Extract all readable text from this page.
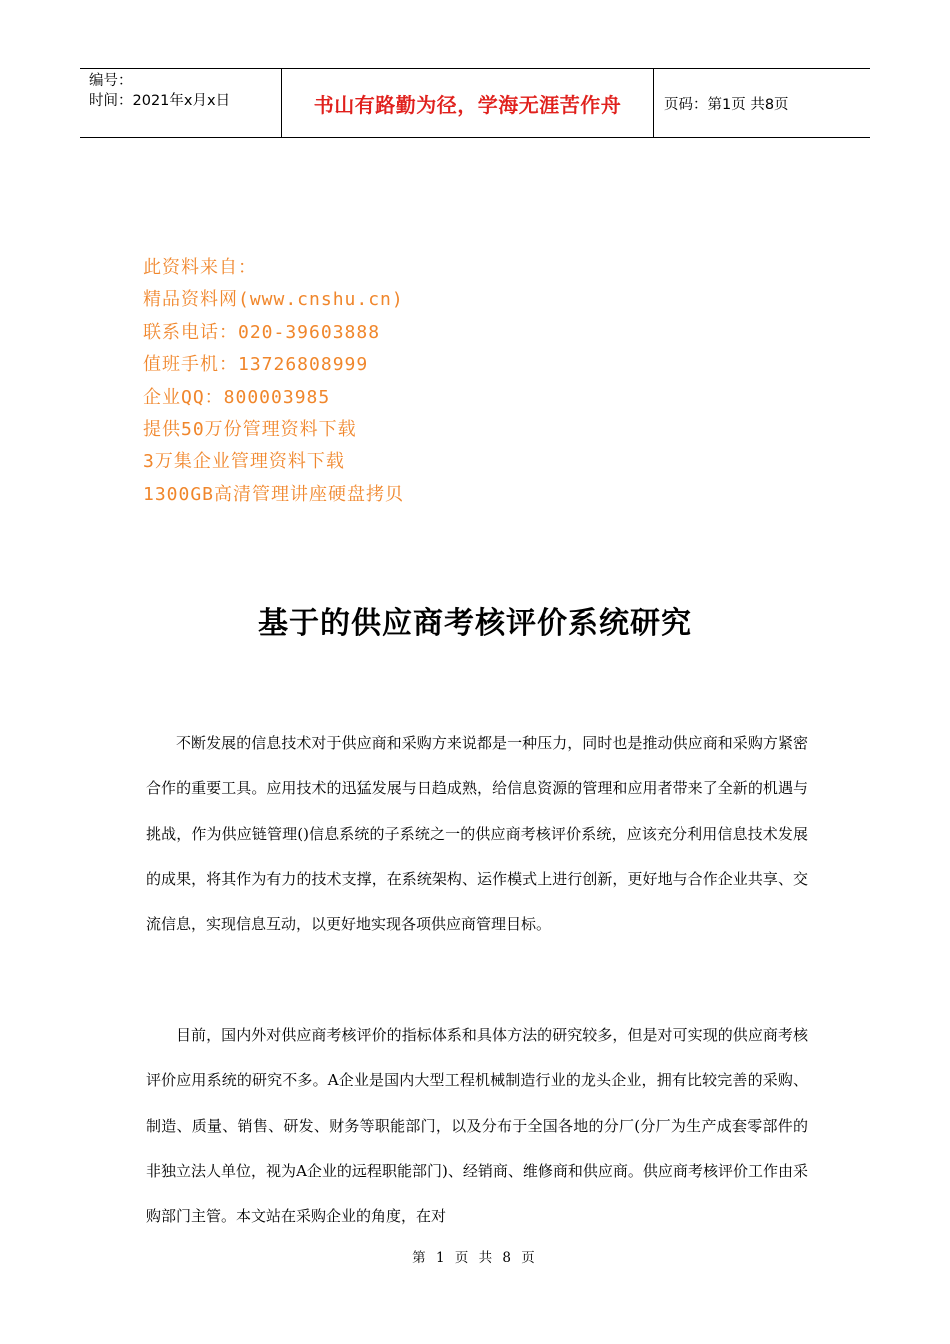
编号：
时间：2021年x月x日	书山有路勤为径，学海无涯苦作舟	页码：第1页 共8页
此资料来自：
精品资料网(www.cnshu.cn)
联系电话：020-39603888
值班手机：13726808999
企业QQ：800003985
提供50万份管理资料下载
3万集企业管理资料下载
1300GB高清管理讲座硬盘拷贝
基于的供应商考核评价系统研究
不断发展的信息技术对于供应商和采购方来说都是一种压力，同时也是推动供应商和采购方紧密合作的重要工具。应用技术的迅猛发展与日趋成熟，给信息资源的管理和应用者带来了全新的机遇与挑战，作为供应链管理()信息系统的子系统之一的供应商考核评价系统，应该充分利用信息技术发展的成果，将其作为有力的技术支撑，在系统架构、运作模式上进行创新，更好地与合作企业共享、交流信息，实现信息互动，以更好地实现各项供应商管理目标。
目前，国内外对供应商考核评价的指标体系和具体方法的研究较多，但是对可实现的供应商考核评价应用系统的研究不多。A企业是国内大型工程机械制造行业的龙头企业，拥有比较完善的采购、制造、质量、销售、研发、财务等职能部门，以及分布于全国各地的分厂(分厂为生产成套零部件的非独立法人单位，视为A企业的远程职能部门)、经销商、维修商和供应商。供应商考核评价工作由采购部门主管。本文站在采购企业的角度，在对
第 1 页 共 8 页
